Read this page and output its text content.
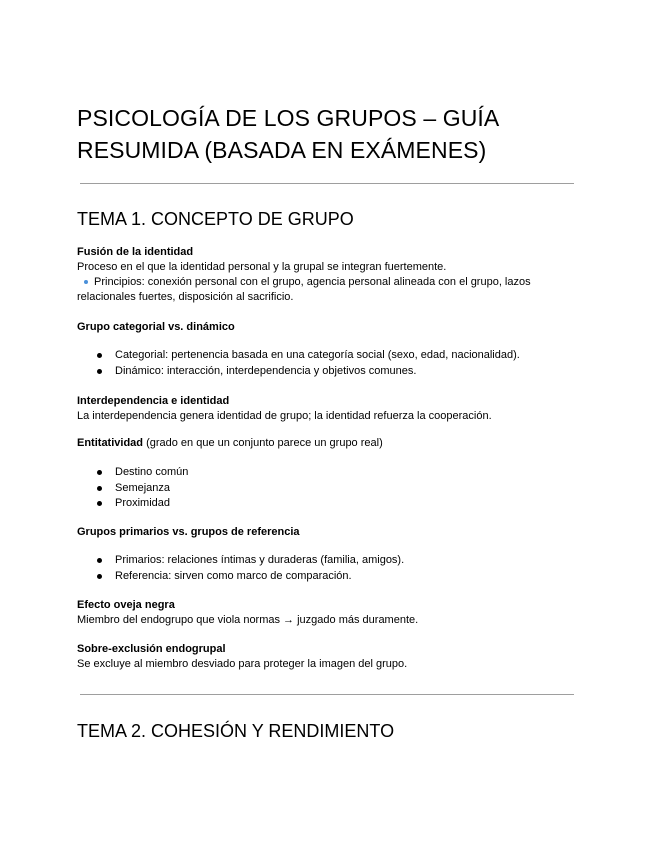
PSICOLOGÍA DE LOS GRUPOS – GUÍA
RESUMIDA (BASADA EN EXÁMENES)
TEMA 1. CONCEPTO DE GRUPO
Fusión de la identidad
Proceso en el que la identidad personal y la grupal se integran fuertemente.
Principios: conexión personal con el grupo, agencia personal alineada con el grupo, lazos
relacionales fuertes, disposición al sacrificio.
Grupo categorial vs. dinámico
Categorial: pertenencia basada en una categoría social (sexo, edad, nacionalidad).
Dinámico: interacción, interdependencia y objetivos comunes.
Interdependencia e identidad
La interdependencia genera identidad de grupo; la identidad refuerza la cooperación.
Entitatividad (grado en que un conjunto parece un grupo real)
Destino común
Semejanza
Proximidad
Grupos primarios vs. grupos de referencia
Primarios: relaciones íntimas y duraderas (familia, amigos).
Referencia: sirven como marco de comparación.
Efecto oveja negra
Miembro del endogrupo que viola normas → juzgado más duramente.
Sobre-exclusión endogrupal
Se excluye al miembro desviado para proteger la imagen del grupo.
TEMA 2. COHESIÓN Y RENDIMIENTO
